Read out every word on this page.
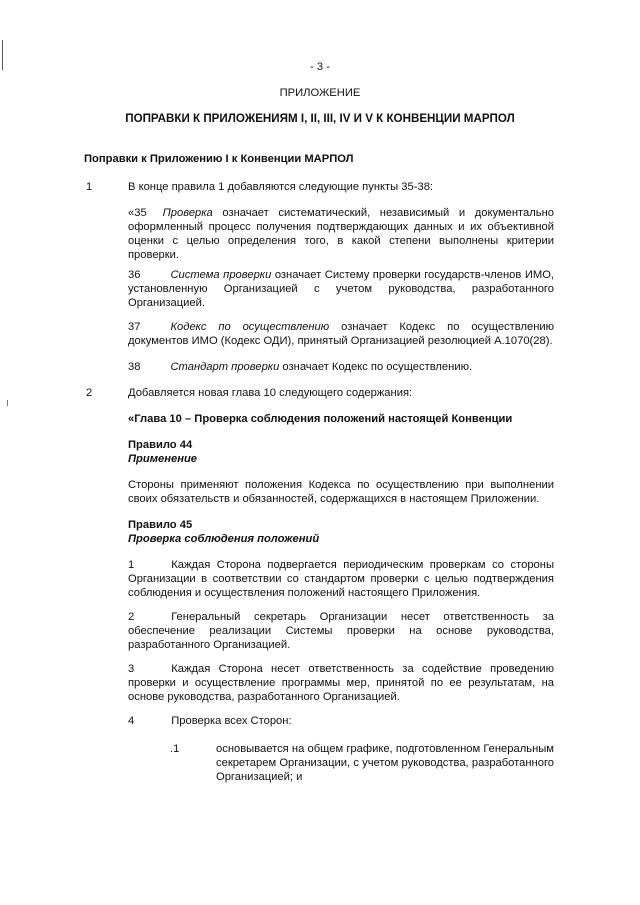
- 3 -
ПРИЛОЖЕНИЕ
ПОПРАВКИ К ПРИЛОЖЕНИЯМ I, II, III, IV И V К КОНВЕНЦИИ МАРПОЛ
Поправки к Приложению I к Конвенции МАРПОЛ
1	В конце правила 1 добавляются следующие пункты 35-38:
«35 Проверка означает систематический, независимый и документально оформленный процесс получения подтверждающих данных и их объективной оценки с целью определения того, в какой степени выполнены критерии проверки.
36	Система проверки означает Систему проверки государств-членов ИМО, установленную Организацией с учетом руководства, разработанного Организацией.
37	Кодекс по осуществлению означает Кодекс по осуществлению документов ИМО (Кодекс ОДИ), принятый Организацией резолюцией A.1070(28).
38	Стандарт проверки означает Кодекс по осуществлению.
2	Добавляется новая глава 10 следующего содержания:
«Глава 10 – Проверка соблюдения положений настоящей Конвенции
Правило 44
Применение
Стороны применяют положения Кодекса по осуществлению при выполнении своих обязательств и обязанностей, содержащихся в настоящем Приложении.
Правило 45
Проверка соблюдения положений
1	Каждая Сторона подвергается периодическим проверкам со стороны Организации в соответствии со стандартом проверки с целью подтверждения соблюдения и осуществления положений настоящего Приложения.
2	Генеральный секретарь Организации несет ответственность за обеспечение реализации Системы проверки на основе руководства, разработанного Организацией.
3	Каждая Сторона несет ответственность за содействие проведению проверки и осуществление программы мер, принятой по ее результатам, на основе руководства, разработанного Организацией.
4	Проверка всех Сторон:
.1	основывается на общем графике, подготовленном Генеральным секретарем Организации, с учетом руководства, разработанного Организацией; и
